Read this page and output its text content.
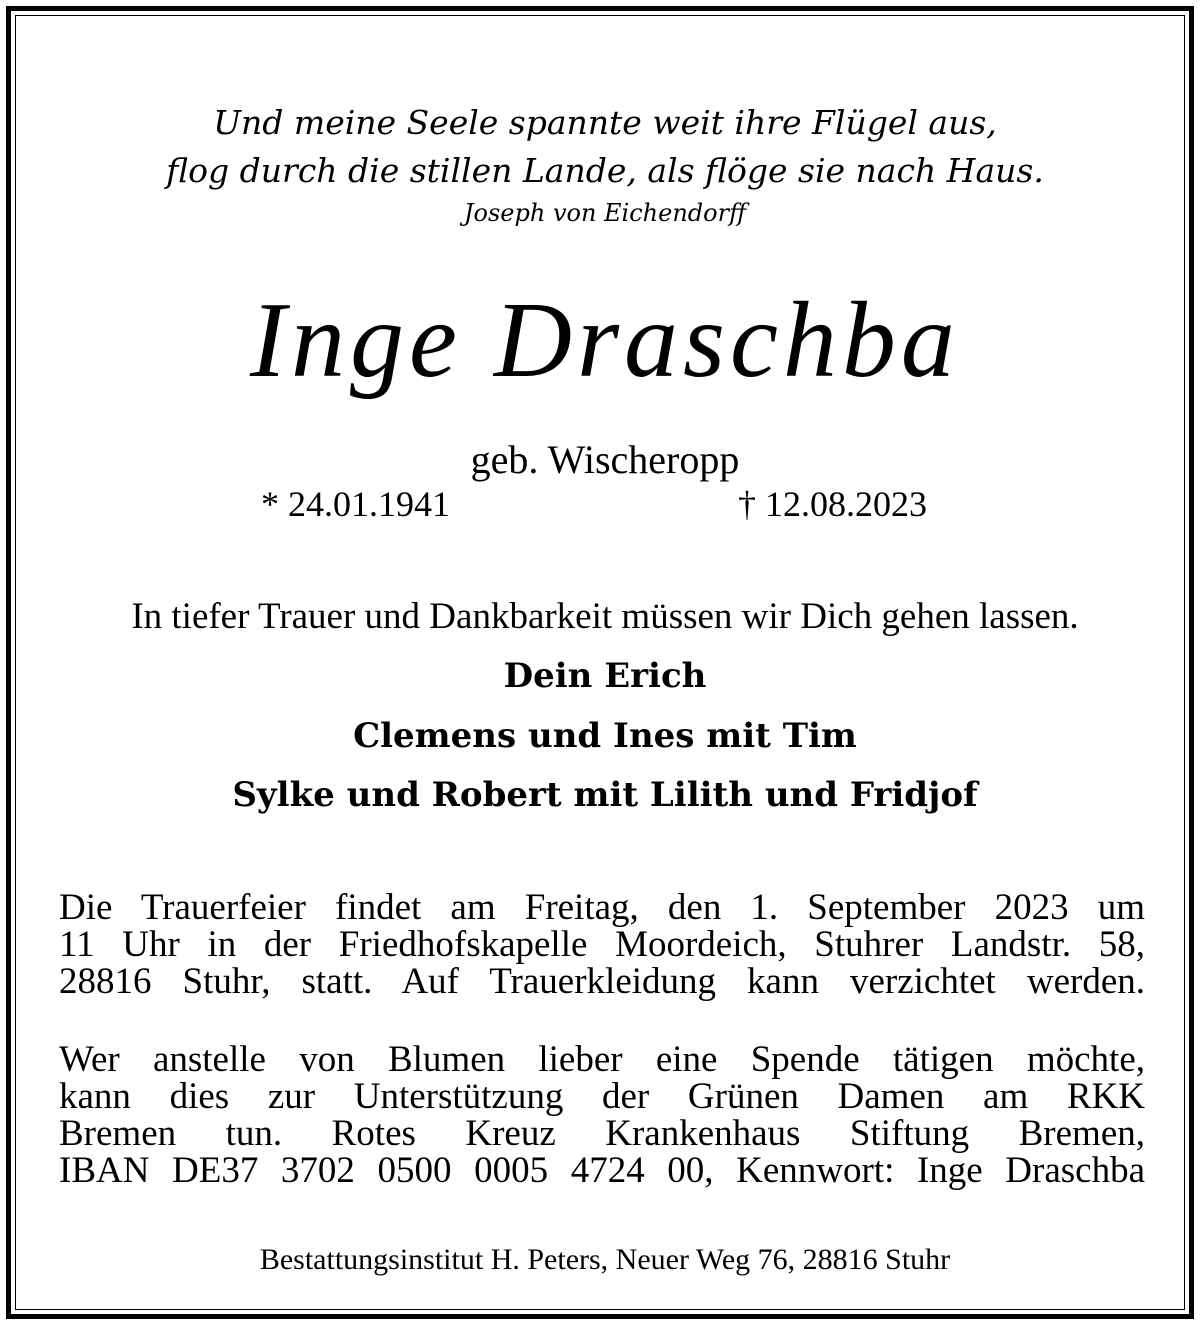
Und meine Seele spannte weit ihre Flügel aus,
flog durch die stillen Lande, als flöge sie nach Haus.
Joseph von Eichendorff
Inge Draschba
geb. Wischeropp
* 24.01.1941	† 12.08.2023
In tiefer Trauer und Dankbarkeit müssen wir Dich gehen lassen.
Dein Erich
Clemens und Ines mit Tim
Sylke und Robert mit Lilith und Fridjof
Die Trauerfeier findet am Freitag, den 1. September 2023 um
11 Uhr in der Friedhofskapelle Moordeich, Stuhrer Landstr. 58,
28816 Stuhr, statt. Auf Trauerkleidung kann verzichtet werden.
Wer anstelle von Blumen lieber eine Spende tätigen möchte,
kann dies zur Unterstützung der Grünen Damen am RKK
Bremen tun. Rotes Kreuz Krankenhaus Stiftung Bremen,
IBAN DE37 3702 0500 0005 4724 00, Kennwort: Inge Draschba
Bestattungsinstitut H. Peters, Neuer Weg 76, 28816 Stuhr
